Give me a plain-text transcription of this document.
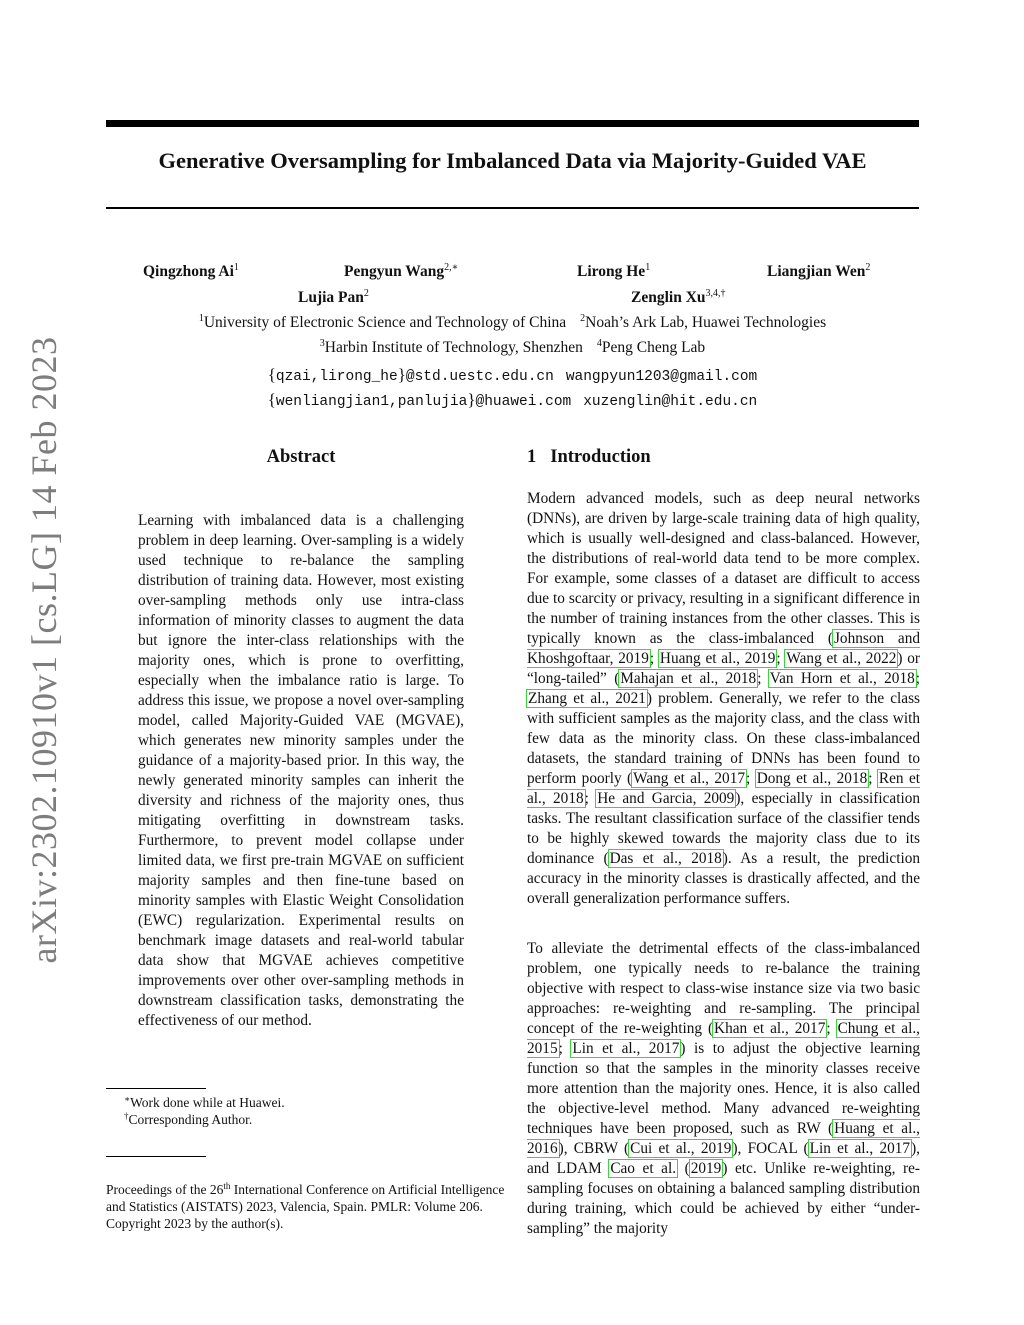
arXiv:2302.10910v1 [cs.LG] 14 Feb 2023
Generative Oversampling for Imbalanced Data via Majority-Guided VAE
Qingzhong Ai$^1$	Pengyun Wang$^{2,∗}$	Lirong He$^1$	Liangjian Wen$^2$
Lujia Pan$^2$	Zenglin $Xu^{3,4,\dagger}$
$^1$University of Electronic Science and Technology of China $^2$Noah’s Ark Lab, Huawei Technologies
$^3$Harbin Institute of Technology, Shenzhen $^4$Peng Cheng Lab
{qzai,lirong_he}@std.uestc.edu.cn wangpyun1203@gmail.com
{wenliangjian1,panlujia}@huawei.com xuzenglin@hit.edu.cn
Abstract

Learning with imbalanced data is a challenging problem in deep learning. Over-sampling is a widely used technique to re-balance the sampling distribution of training data. However, most existing over-sampling methods only use intra-class information of minority classes to augment the data but ignore the inter-class relationships with the majority ones, which is prone to overfitting, especially when the imbalance ratio is large. To address this issue, we propose a novel over-sampling model, called Majority-Guided VAE (MGVAE), which generates new minority samples under the guidance of a majority-based prior. In this way, the newly generated minority samples can inherit the diversity and richness of the majority ones, thus mitigating overfitting in downstream tasks. Furthermore, to prevent model collapse under limited data, we first pre-train MGVAE on sufficient majority samples and then fine-tune based on minority samples with Elastic Weight Consolidation (EWC) regularization. Experimental results on benchmark image datasets and real-world tabular data show that MGVAE achieves competitive improvements over other over-sampling methods in downstream classification tasks, demonstrating the effectiveness of our method.

∗Work done while at Huawei.
†Corresponding Author.

Proceedings of the 26th International Conference on Artificial Intelligence and Statistics (AISTATS) 2023, Valencia, Spain. PMLR: Volume 206. Copyright 2023 by the author(s).

1 Introduction

Modern advanced models, such as deep neural networks (DNNs), are driven by large-scale training data of high quality, which is usually well-designed and class-balanced. However, the distributions of real-world data tend to be more complex. For example, some classes of a dataset are difficult to access due to scarcity or privacy, resulting in a significant difference in the number of training instances from the other classes. This is typically known as the class-imbalanced (Johnson and Khoshgoftaar, 2019; Huang et al., 2019; Wang et al., 2022) or “long-tailed” (Mahajan et al., 2018; Van Horn et al., 2018; Zhang et al., 2021) problem. Generally, we refer to the class with sufficient samples as the majority class, and the class with few data as the minority class. On these class-imbalanced datasets, the standard training of DNNs has been found to perform poorly (Wang et al., 2017; Dong et al., 2018; Ren et al., 2018; He and Garcia, 2009), especially in classification tasks. The resultant classification surface of the classifier tends to be highly skewed towards the majority class due to its dominance (Das et al., 2018). As a result, the prediction accuracy in the minority classes is drastically affected, and the overall generalization performance suffers.

To alleviate the detrimental effects of the class-imbalanced problem, one typically needs to re-balance the training objective with respect to class-wise instance size via two basic approaches: re-weighting and re-sampling. The principal concept of the re-weighting (Khan et al., 2017; Chung et al., 2015; Lin et al., 2017) is to adjust the objective learning function so that the samples in the minority classes receive more attention than the majority ones. Hence, it is also called the objective-level method. Many advanced re-weighting techniques have been proposed, such as RW (Huang et al., 2016), CBRW (Cui et al., 2019), FOCAL (Lin et al., 2017), and LDAM Cao et al. (2019) etc. Unlike re-weighting, re-sampling focuses on obtaining a balanced sampling distribution during training, which could be achieved by either “under-sampling” the majority
